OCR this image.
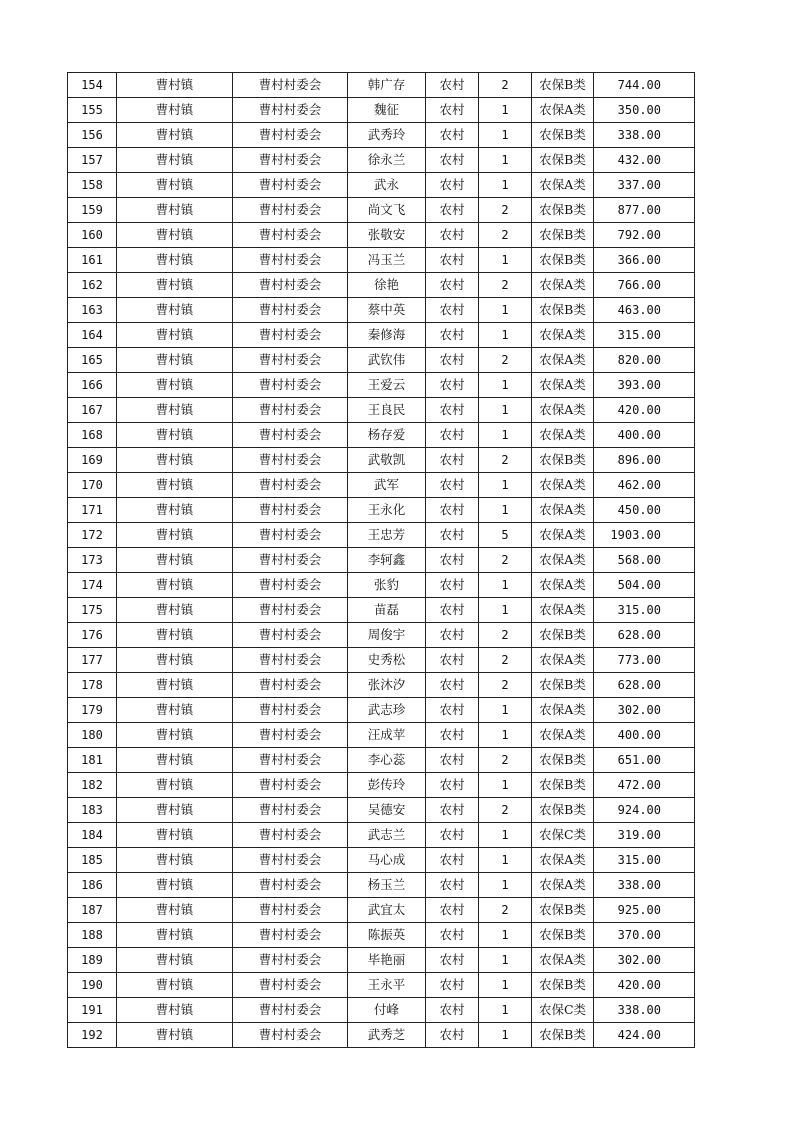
154	曹村镇	曹村村委会	韩广存	农村	2	农保B类	744.00
155	曹村镇	曹村村委会	魏征	农村	1	农保A类	350.00
156	曹村镇	曹村村委会	武秀玲	农村	1	农保B类	338.00
157	曹村镇	曹村村委会	徐永兰	农村	1	农保B类	432.00
158	曹村镇	曹村村委会	武永	农村	1	农保A类	337.00
159	曹村镇	曹村村委会	尚文飞	农村	2	农保B类	877.00
160	曹村镇	曹村村委会	张敬安	农村	2	农保B类	792.00
161	曹村镇	曹村村委会	冯玉兰	农村	1	农保B类	366.00
162	曹村镇	曹村村委会	徐艳	农村	2	农保A类	766.00
163	曹村镇	曹村村委会	蔡中英	农村	1	农保B类	463.00
164	曹村镇	曹村村委会	秦修海	农村	1	农保A类	315.00
165	曹村镇	曹村村委会	武钦伟	农村	2	农保A类	820.00
166	曹村镇	曹村村委会	王爱云	农村	1	农保A类	393.00
167	曹村镇	曹村村委会	王良民	农村	1	农保A类	420.00
168	曹村镇	曹村村委会	杨存爱	农村	1	农保A类	400.00
169	曹村镇	曹村村委会	武敬凯	农村	2	农保B类	896.00
170	曹村镇	曹村村委会	武军	农村	1	农保A类	462.00
171	曹村镇	曹村村委会	王永化	农村	1	农保A类	450.00
172	曹村镇	曹村村委会	王忠芳	农村	5	农保A类	1903.00
173	曹村镇	曹村村委会	李轲鑫	农村	2	农保A类	568.00
174	曹村镇	曹村村委会	张豹	农村	1	农保A类	504.00
175	曹村镇	曹村村委会	苗磊	农村	1	农保A类	315.00
176	曹村镇	曹村村委会	周俊宇	农村	2	农保B类	628.00
177	曹村镇	曹村村委会	史秀松	农村	2	农保A类	773.00
178	曹村镇	曹村村委会	张沐汐	农村	2	农保B类	628.00
179	曹村镇	曹村村委会	武志珍	农村	1	农保A类	302.00
180	曹村镇	曹村村委会	汪成苹	农村	1	农保A类	400.00
181	曹村镇	曹村村委会	李心蕊	农村	2	农保B类	651.00
182	曹村镇	曹村村委会	彭传玲	农村	1	农保B类	472.00
183	曹村镇	曹村村委会	吴德安	农村	2	农保B类	924.00
184	曹村镇	曹村村委会	武志兰	农村	1	农保C类	319.00
185	曹村镇	曹村村委会	马心成	农村	1	农保A类	315.00
186	曹村镇	曹村村委会	杨玉兰	农村	1	农保A类	338.00
187	曹村镇	曹村村委会	武宜太	农村	2	农保B类	925.00
188	曹村镇	曹村村委会	陈振英	农村	1	农保B类	370.00
189	曹村镇	曹村村委会	毕艳丽	农村	1	农保A类	302.00
190	曹村镇	曹村村委会	王永平	农村	1	农保B类	420.00
191	曹村镇	曹村村委会	付峰	农村	1	农保C类	338.00
192	曹村镇	曹村村委会	武秀芝	农村	1	农保B类	424.00
